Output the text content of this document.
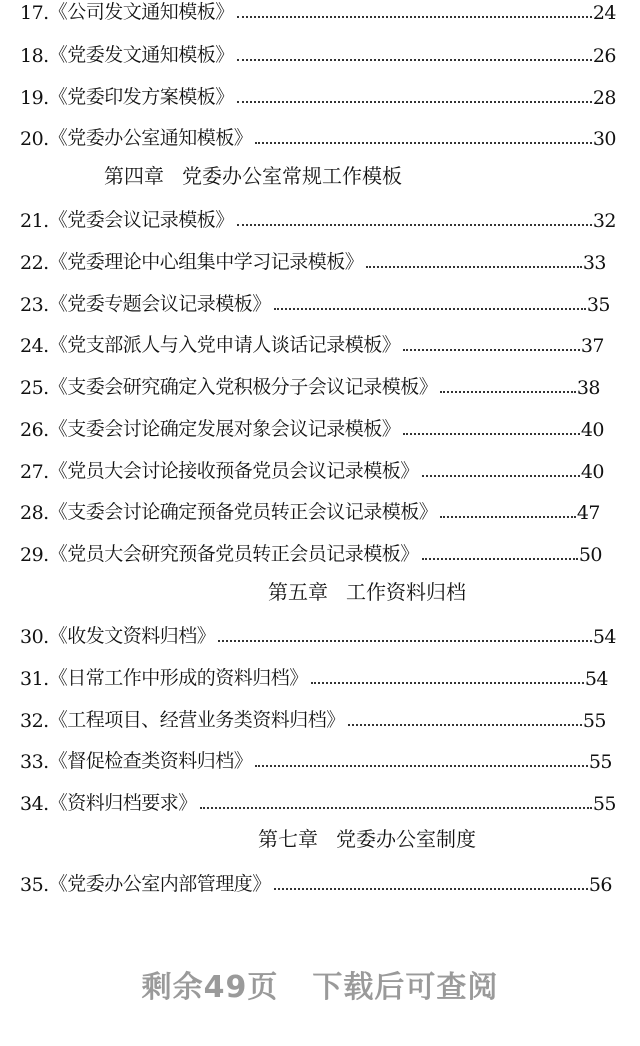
17. 《公司发文通知模板》	24
18. 《党委发文通知模板》	26
19. 《党委印发方案模板》	28
20. 《党委办公室通知模板》	30
第四章 党委办公室常规工作模板
21. 《党委会议记录模板》	32
22. 《党委理论中心组集中学习记录模板》	33
23. 《党委专题会议记录模板》	35
24. 《党支部派人与入党申请人谈话记录模板》	37
25. 《支委会研究确定入党积极分子会议记录模板》	38
26. 《支委会讨论确定发展对象会议记录模板》	40
27. 《党员大会讨论接收预备党员会议记录模板》	40
28. 《支委会讨论确定预备党员转正会议记录模板》	47
29. 《党员大会研究预备党员转正会员记录模板》	50
第五章 工作资料归档
30. 《收发文资料归档》	54
31. 《日常工作中形成的资料归档》	54
32. 《工程项目、经营业务类资料归档》	55
33. 《督促检查类资料归档》	55
34. 《资料归档要求》	55
第七章 党委办公室制度
35. 《党委办公室内部管理度》	56
剩余49页 下载后可查阅
